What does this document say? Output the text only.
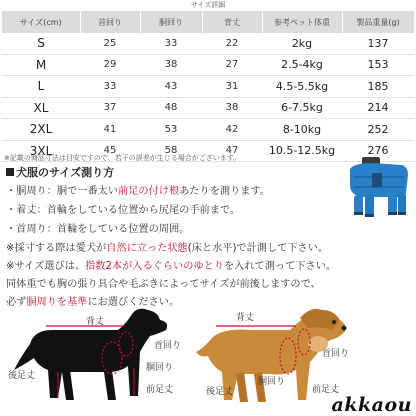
サイズ詳細
サイズ(cm)	首回り	胴回り	背丈	参考ペット体重	製品重量(g)
S	25	33	22	2kg	137
M	29	38	27	2.5-4kg	153
L	33	43	31	4.5-5.5kg	185
XL	37	48	38	6-7.5kg	214
2XL	41	53	42	8-10kg	252
3XL	45	58	47	10.5-12.5kg	276
※記載の商品寸法は目安ですので、若干の誤差が生じる場合がございます。
犬服のサイズ測り方
・胴周り：胴で一番太い前足の付け根あたりを測ります。
・着丈：首輪をしている位置から尻尾の手前まで。
・首周り：首輪をしている位置の周囲。
※採寸する際は愛犬が自然に立った状態(床と水平)で計測して下さい。
※サイズ選びは、指数2本が入るぐらいのゆとりを入れて測って下さい。
同体重でも胸の張り具合や毛ぶきによってサイズが前後しますので、
必ず胴周りを基準にお選びください。
背丈
首回り
胴回り
後足丈
前足丈
背丈
首回り
胴回り
後足丈	前足丈
akkaou
